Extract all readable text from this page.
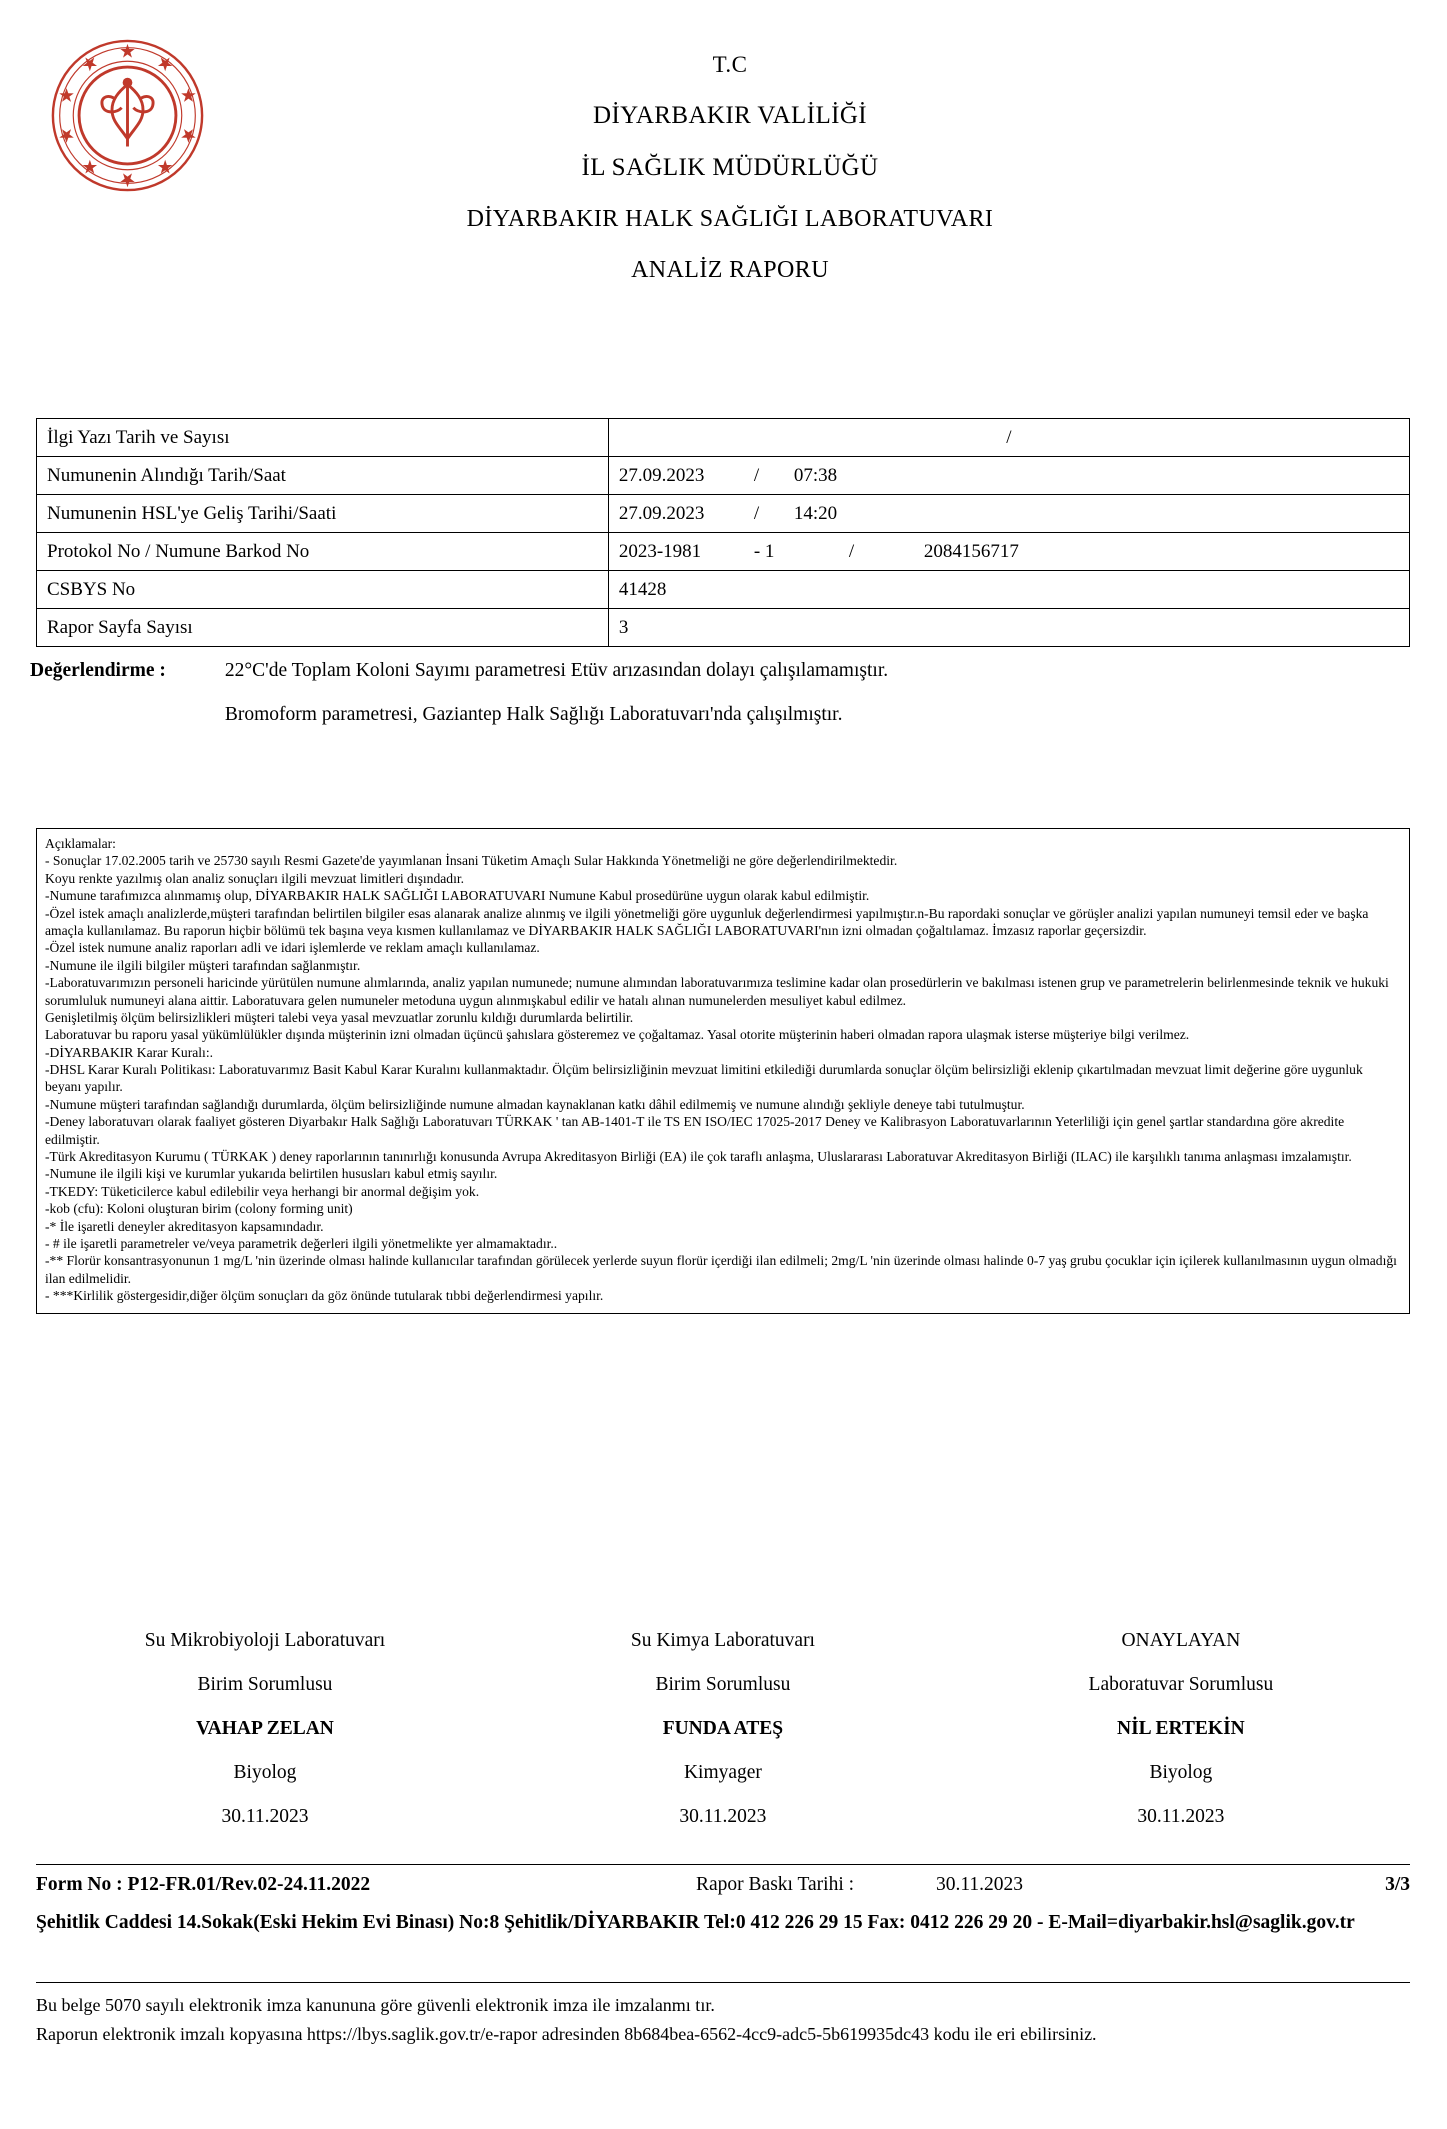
T.C
DİYARBAKIR VALİLİĞİ
İL SAĞLIK MÜDÜRLÜĞÜ
DİYARBAKIR HALK SAĞLIĞI LABORATUVARI
ANALİZ RAPORU
İlgi Yazı Tarih ve Sayısı	/
Numunenin Alındığı Tarih/Saat	27.09.2023 / 07:38
Numunenin HSL'ye Geliş Tarihi/Saati	27.09.2023 / 14:20
Protokol No / Numune Barkod No	2023-1981 - 1 / 2084156717
CSBYS No	41428
Rapor Sayfa Sayısı	3
Değerlendirme :	22°C'de Toplam Koloni Sayımı parametresi Etüv arızasından dolayı çalışılamamıştır.
Bromoform parametresi, Gaziantep Halk Sağlığı Laboratuvarı'nda çalışılmıştır.

Açıklamalar:

- Sonuçlar 17.02.2005 tarih ve 25730 sayılı Resmi Gazete'de yayımlanan İnsani Tüketim Amaçlı Sular Hakkında Yönetmeliği ne göre değerlendirilmektedir.

Koyu renkte yazılmış olan analiz sonuçları ilgili mevzuat limitleri dışındadır.

-Numune tarafımızca alınmamış olup, DİYARBAKIR HALK SAĞLIĞI LABORATUVARI Numune Kabul prosedürüne uygun olarak kabul edilmiştir.

-Özel istek amaçlı analizlerde,müşteri tarafından belirtilen bilgiler esas alanarak analize alınmış ve ilgili yönetmeliği göre uygunluk değerlendirmesi yapılmıştır.n-Bu rapordaki sonuçlar ve görüşler analizi yapılan numuneyi temsil eder ve başka amaçla kullanılamaz. Bu raporun hiçbir bölümü tek başına veya kısmen kullanılamaz ve DİYARBAKIR HALK SAĞLIĞI LABORATUVARI'nın izni olmadan çoğaltılamaz. İmzasız raporlar geçersizdir.

-Özel istek numune analiz raporları adli ve idari işlemlerde ve reklam amaçlı kullanılamaz.

-Numune ile ilgili bilgiler müşteri tarafından sağlanmıştır.

-Laboratuvarımızın personeli haricinde yürütülen numune alımlarında, analiz yapılan numunede; numune alımından laboratuvarımıza teslimine kadar olan prosedürlerin ve bakılması istenen grup ve parametrelerin belirlenmesinde teknik ve hukuki sorumluluk numuneyi alana aittir. Laboratuvara gelen numuneler metoduna uygun alınmışkabul edilir ve hatalı alınan numunelerden mesuliyet kabul edilmez.

Genişletilmiş ölçüm belirsizlikleri müşteri talebi veya yasal mevzuatlar zorunlu kıldığı durumlarda belirtilir.

Laboratuvar bu raporu yasal yükümlülükler dışında müşterinin izni olmadan üçüncü şahıslara gösteremez ve çoğaltamaz. Yasal otorite müşterinin haberi olmadan rapora ulaşmak isterse müşteriye bilgi verilmez.

-DİYARBAKIR Karar Kuralı:.

-DHSL Karar Kuralı Politikası: Laboratuvarımız Basit Kabul Karar Kuralını kullanmaktadır. Ölçüm belirsizliğinin mevzuat limitini etkilediği durumlarda sonuçlar ölçüm belirsizliği eklenip çıkartılmadan mevzuat limit değerine göre uygunluk beyanı yapılır.

-Numune müşteri tarafından sağlandığı durumlarda, ölçüm belirsizliğinde numune almadan kaynaklanan katkı dâhil edilmemiş ve numune alındığı şekliyle deneye tabi tutulmuştur.

-Deney laboratuvarı olarak faaliyet gösteren Diyarbakır Halk Sağlığı Laboratuvarı TÜRKAK ' tan AB-1401-T ile TS EN ISO/IEC 17025-2017 Deney ve Kalibrasyon Laboratuvarlarının Yeterliliği için genel şartlar standardına göre akredite edilmiştir.

-Türk Akreditasyon Kurumu ( TÜRKAK ) deney raporlarının tanınırlığı konusunda Avrupa Akreditasyon Birliği (EA) ile çok taraflı anlaşma, Uluslararası Laboratuvar Akreditasyon Birliği (ILAC) ile karşılıklı tanıma anlaşması imzalamıştır.

-Numune ile ilgili kişi ve kurumlar yukarıda belirtilen hususları kabul etmiş sayılır.

-TKEDY: Tüketicilerce kabul edilebilir veya herhangi bir anormal değişim yok.

-kob (cfu): Koloni oluşturan birim (colony forming unit)

-* İle işaretli deneyler akreditasyon kapsamındadır.

- # ile işaretli parametreler ve/veya parametrik değerleri ilgili yönetmelikte yer almamaktadır..

-** Florür konsantrasyonunun 1 mg/L 'nin üzerinde olması halinde kullanıcılar tarafından görülecek yerlerde suyun florür içerdiği ilan edilmeli; 2mg/L 'nin üzerinde olması halinde 0-7 yaş grubu çocuklar için içilerek kullanılmasının uygun olmadığı ilan edilmelidir.

- ***Kirlilik göstergesidir,diğer ölçüm sonuçları da göz önünde tutularak tıbbi değerlendirmesi yapılır.

Su Mikrobiyoloji Laboratuvarı
Birim Sorumlusu
VAHAP ZELAN
Biyolog
30.11.2023
Su Kimya Laboratuvarı
Birim Sorumlusu
FUNDA ATEŞ
Kimyager
30.11.2023
ONAYLAYAN
Laboratuvar Sorumlusu
NİL ERTEKİN
Biyolog
30.11.2023
Form No : P12-FR.01/Rev.02-24.11.2022	Rapor Baskı Tarihi :	30.11.2023	3/3
Şehitlik Caddesi 14.Sokak(Eski Hekim Evi Binası) No:8 Şehitlik/DİYARBAKIR Tel:0 412 226 29 15 Fax: 0412 226 29 20 - E-Mail=diyarbakir.hsl@saglik.gov.tr
Bu belge 5070 sayılı elektronik imza kanununa göre güvenli elektronik imza ile imzalanmı tır.
Raporun elektronik imzalı kopyasına https://lbys.saglik.gov.tr/e-rapor adresinden 8b684bea-6562-4cc9-adc5-5b619935dc43 kodu ile eri ebilirsiniz.
